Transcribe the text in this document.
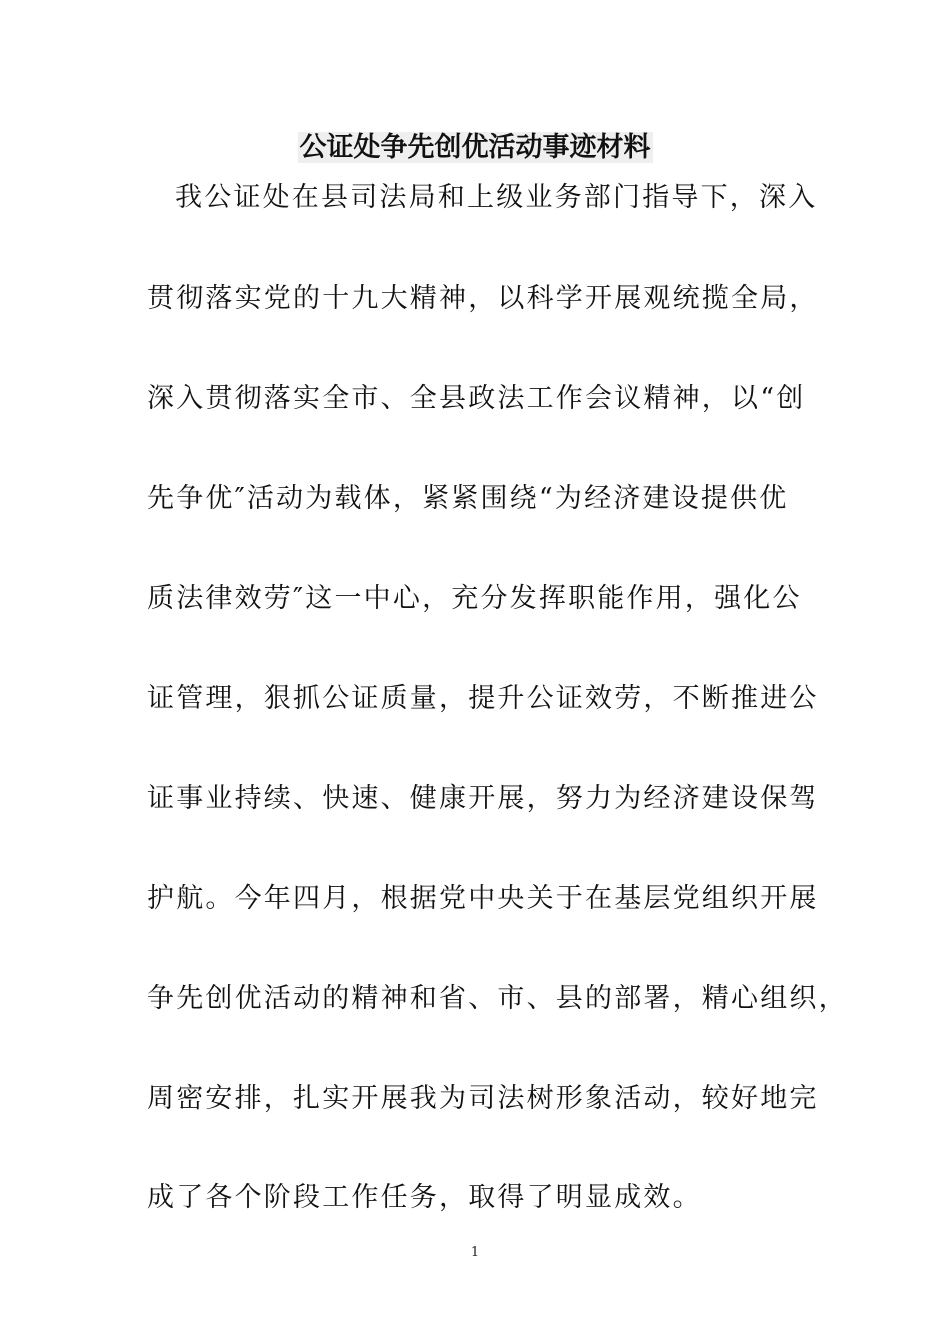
公证处争先创优活动事迹材料
我公证处在县司法局和上级业务部门指导下，深入
贯彻落实党的十九大精神，以科学开展观统揽全局，
深入贯彻落实全市、全县政法工作会议精神，以“创
先争优″活动为载体，紧紧围绕“为经济建设提供优
质法律效劳″这一中心，充分发挥职能作用，强化公
证管理，狠抓公证质量，提升公证效劳，不断推进公
证事业持续、快速、健康开展，努力为经济建设保驾
护航。今年四月，根据党中央关于在基层党组织开展
争先创优活动的精神和省、市、县的部署，精心组织，
周密安排，扎实开展我为司法树形象活动，较好地完
成了各个阶段工作任务，取得了明显成效。
1
